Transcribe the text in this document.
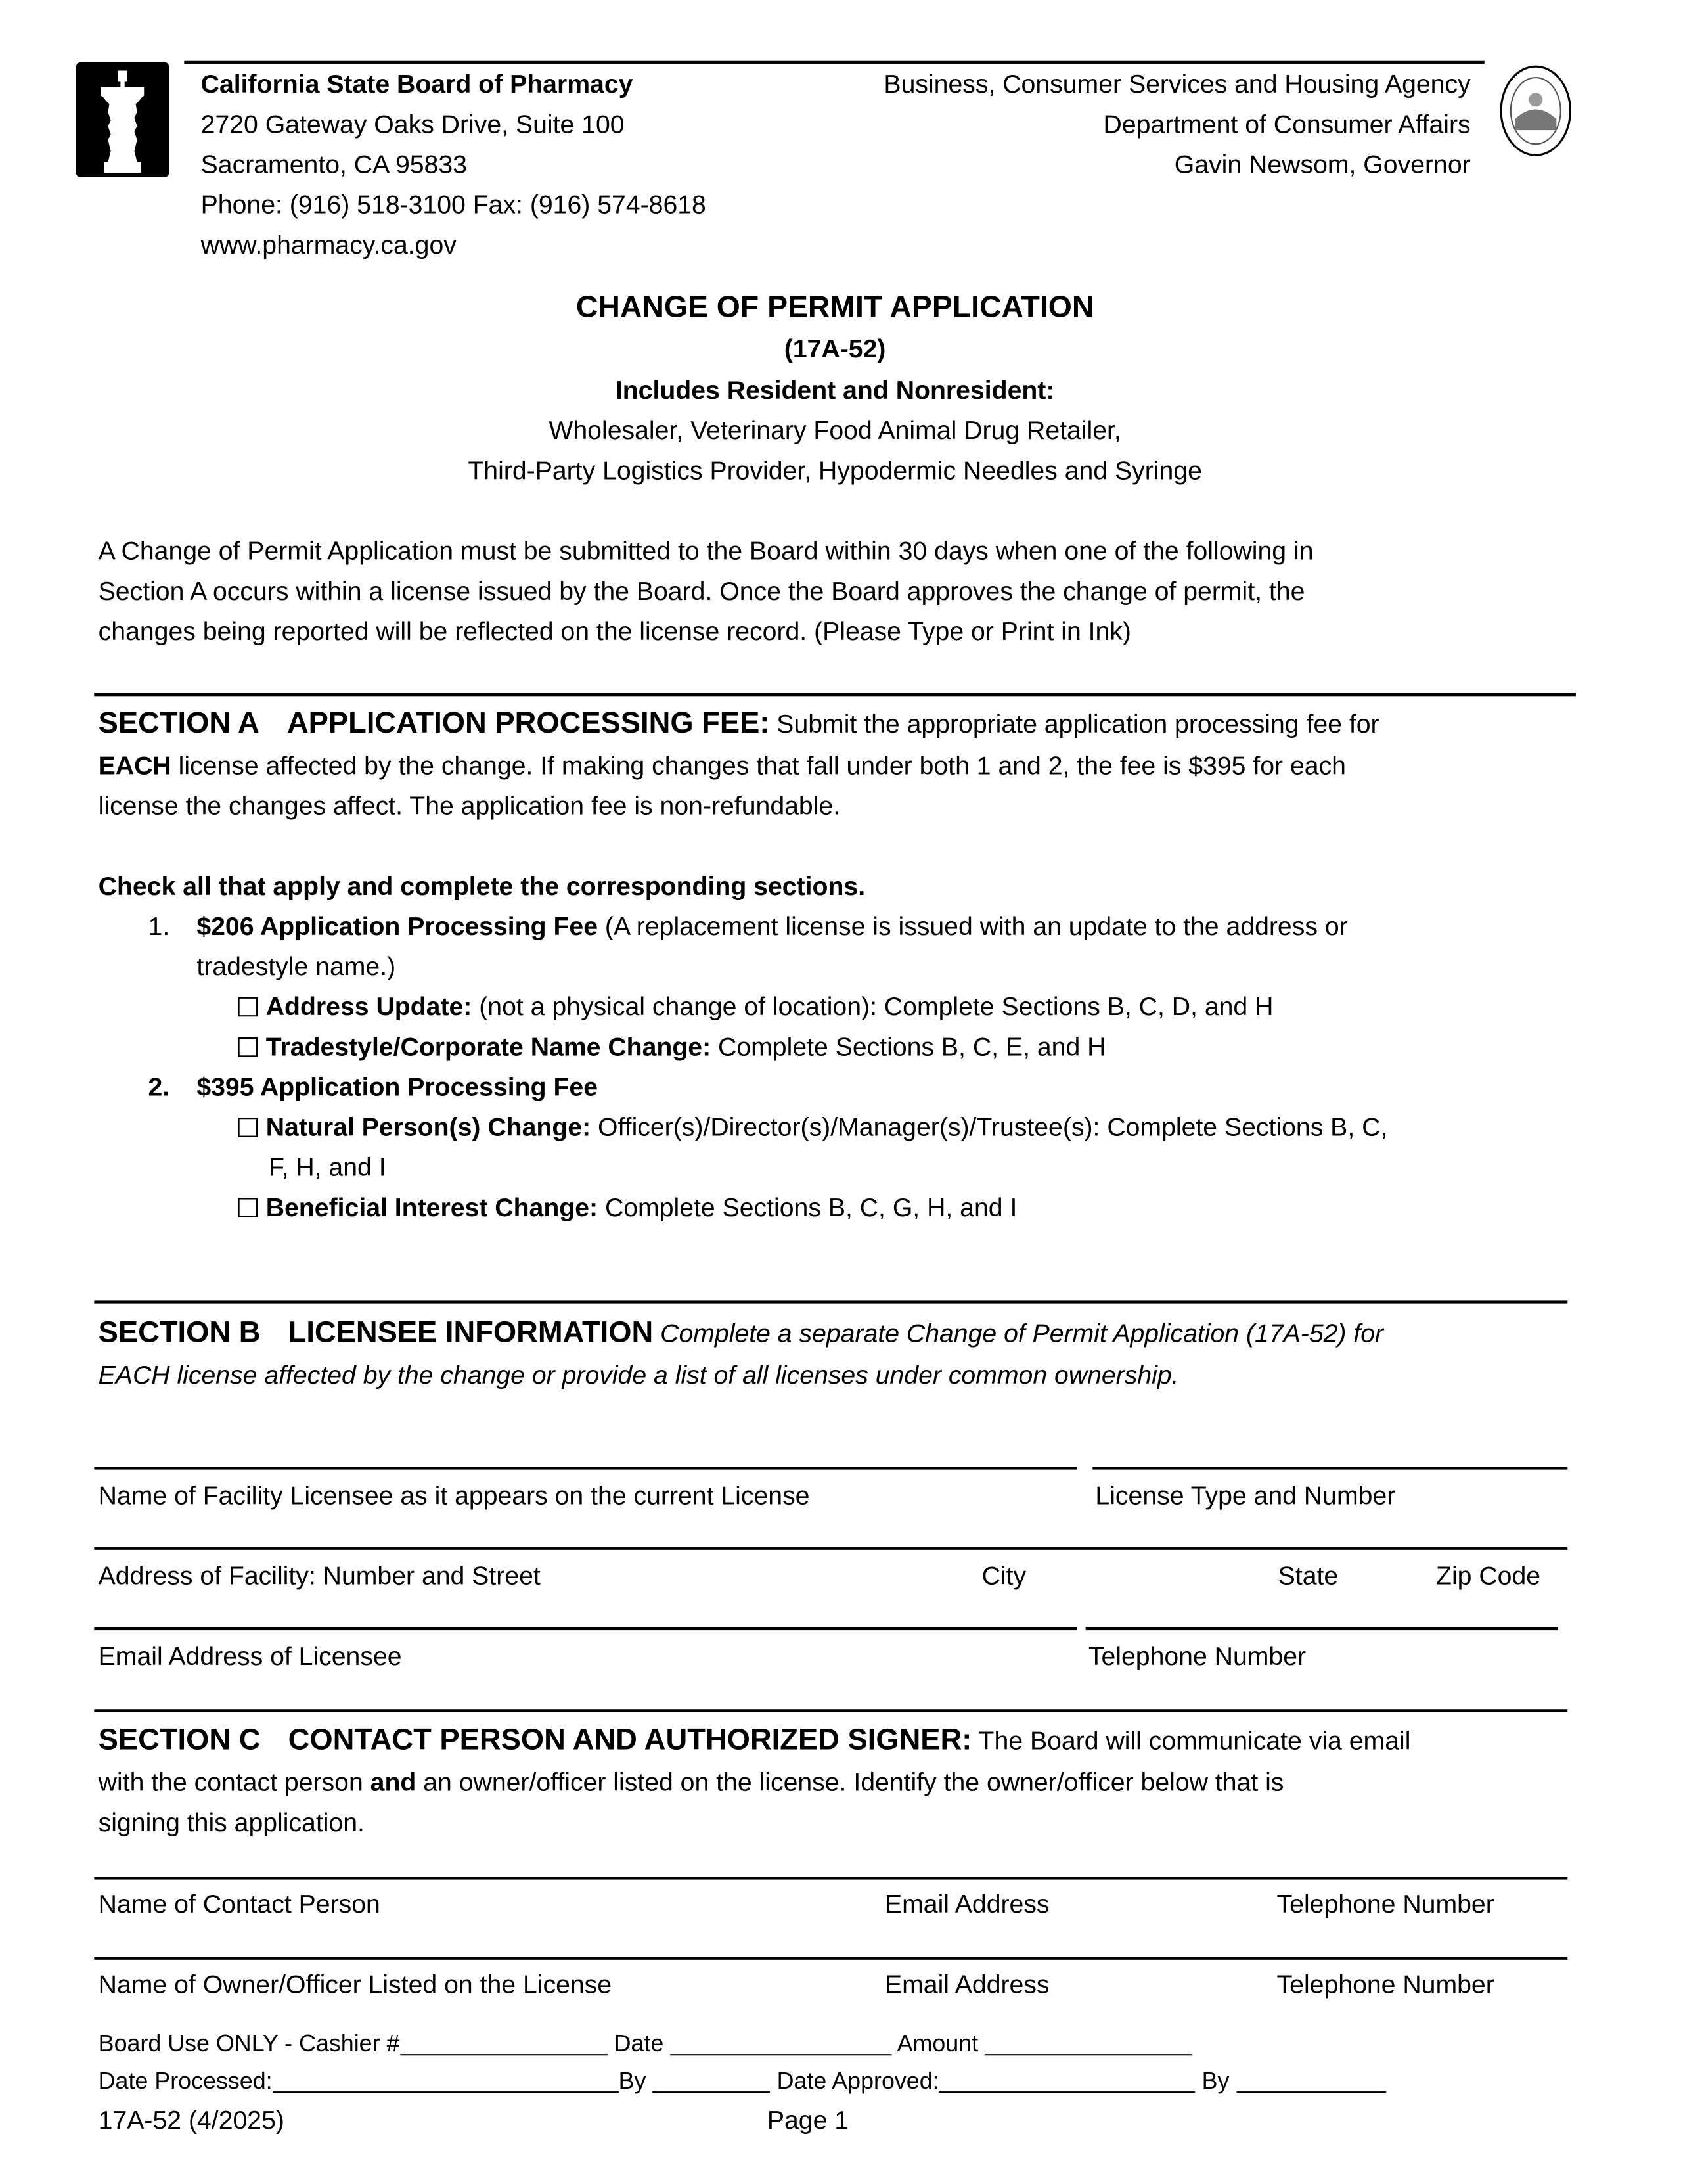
California State Board of Pharmacy
2720 Gateway Oaks Drive, Suite 100
Sacramento, CA 95833
Phone: (916) 518-3100 Fax: (916) 574-8618
www.pharmacy.ca.gov
Business, Consumer Services and Housing Agency
Department of Consumer Affairs
Gavin Newsom, Governor
CHANGE OF PERMIT APPLICATION
(17A-52)
Includes Resident and Nonresident:
Wholesaler, Veterinary Food Animal Drug Retailer,
Third-Party Logistics Provider, Hypodermic Needles and Syringe
A Change of Permit Application must be submitted to the Board within 30 days when one of the following in
Section A occurs within a license issued by the Board. Once the Board approves the change of permit, the
changes being reported will be reflected on the license record. (Please Type or Print in Ink)
SECTION A APPLICATION PROCESSING FEE: Submit the appropriate application processing fee for
EACH license affected by the change. If making changes that fall under both 1 and 2, the fee is $395 for each
license the changes affect. The application fee is non-refundable.
Check all that apply and complete the corresponding sections.
1. $206 Application Processing Fee (A replacement license is issued with an update to the address or
tradestyle name.)
Address Update: (not a physical change of location): Complete Sections B, C, D, and H
Tradestyle/Corporate Name Change: Complete Sections B, C, E, and H
2. $395 Application Processing Fee
Natural Person(s) Change: Officer(s)/Director(s)/Manager(s)/Trustee(s): Complete Sections B, C,
F, H, and I
Beneficial Interest Change: Complete Sections B, C, G, H, and I
SECTION B LICENSEE INFORMATION Complete a separate Change of Permit Application (17A-52) for
EACH license affected by the change or provide a list of all licenses under common ownership.
Name of Facility Licensee as it appears on the current License	License Type and Number
Address of Facility: Number and Street	City	State	Zip Code
Email Address of Licensee	Telephone Number
SECTION C CONTACT PERSON AND AUTHORIZED SIGNER: The Board will communicate via email
with the contact person and an owner/officer listed on the license. Identify the owner/officer below that is
signing this application.
Name of Contact Person	Email Address	Telephone Number
Name of Owner/Officer Listed on the License	Email Address	Telephone Number
Board Use ONLY - Cashier #	Date	Amount
Date Processed:	By	Date Approved:	By
17A-52 (4/2025)	Page 1
